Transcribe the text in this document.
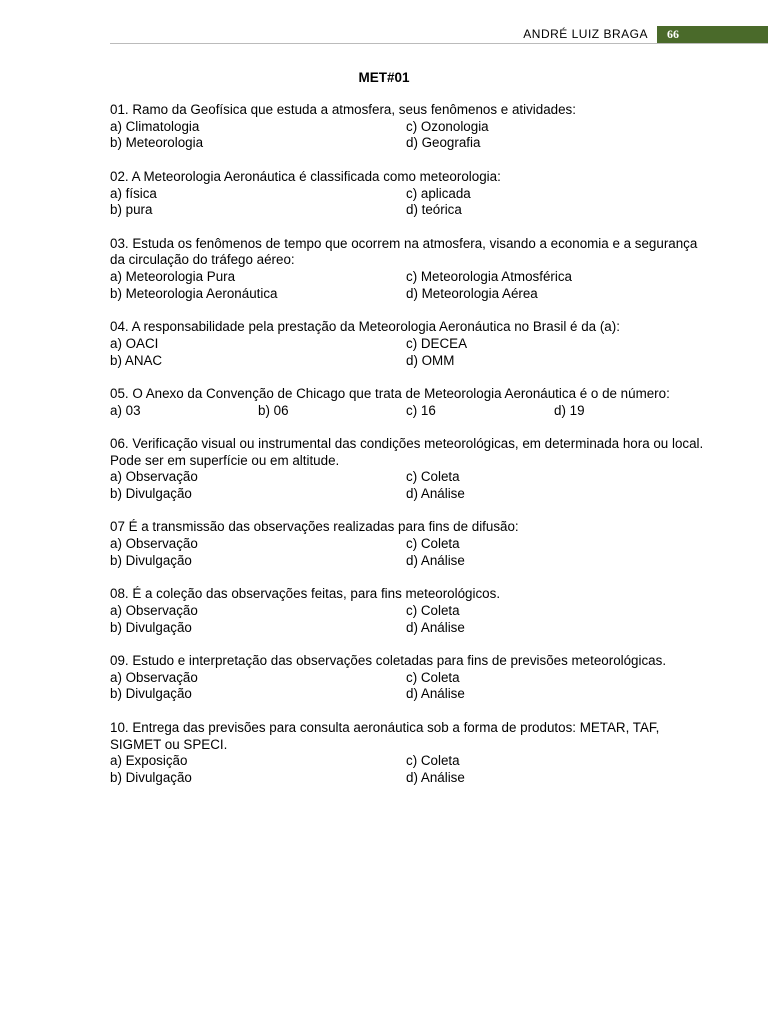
ANDRÉ LUIZ BRAGA	66
MET#01
01. Ramo da Geofísica que estuda a atmosfera, seus fenômenos e atividades:
a) Climatologia	c) Ozonologia
b) Meteorologia	d) Geografia
02. A Meteorologia Aeronáutica é classificada como meteorologia:
a) física	c) aplicada
b) pura	d) teórica
03. Estuda os fenômenos de tempo que ocorrem na atmosfera, visando a economia e a segurança da circulação do tráfego aéreo:
a) Meteorologia Pura	c) Meteorologia Atmosférica
b) Meteorologia Aeronáutica	d) Meteorologia Aérea
04. A responsabilidade pela prestação da Meteorologia Aeronáutica no Brasil é da (a):
a) OACI	c) DECEA
b) ANAC	d) OMM
05. O Anexo da Convenção de Chicago que trata de Meteorologia Aeronáutica é o de número:
a) 03	b) 06	c) 16	d) 19
06. Verificação visual ou instrumental das condições meteorológicas, em determinada hora ou local. Pode ser em superfície ou em altitude.
a) Observação	c) Coleta
b) Divulgação	d) Análise
07 É a transmissão das observações realizadas para fins de difusão:
a) Observação	c) Coleta
b) Divulgação	d) Análise
08. É a coleção das observações feitas, para fins meteorológicos.
a) Observação	c) Coleta
b) Divulgação	d) Análise
09. Estudo e interpretação das observações coletadas para fins de previsões meteorológicas.
a) Observação	c) Coleta
b) Divulgação	d) Análise
10. Entrega das previsões para consulta aeronáutica sob a forma de produtos: METAR, TAF, SIGMET ou SPECI.
a) Exposição	c) Coleta
b) Divulgação	d) Análise
